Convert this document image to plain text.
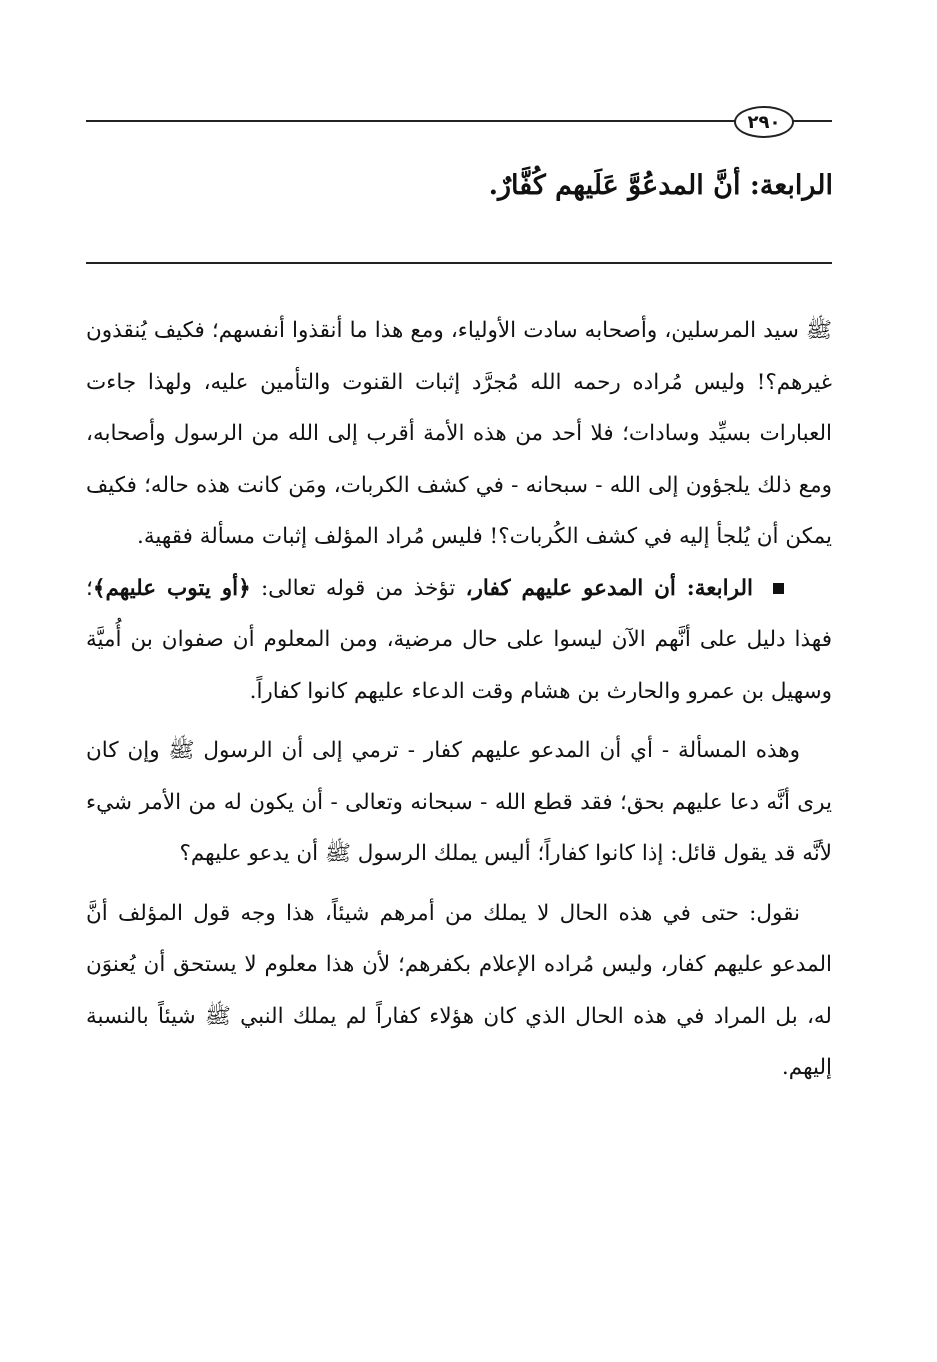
٢٩٠
الرابعة: أنَّ المدعُوَّ عَلَيهم كُفَّارٌ.

ﷺ سيد المرسلين، وأصحابه سادت الأولياء، ومع هذا ما أنقذوا أنفسهم؛ فكيف يُنقذون غيرهم؟! وليس مُراده رحمه الله مُجرَّد إثبات القنوت والتأمين عليه، ولهذا جاءت العبارات بسيِّد وسادات؛ فلا أحد من هذه الأمة أقرب إلى الله من الرسول وأصحابه، ومع ذلك يلجؤون إلى الله - سبحانه - في كشف الكربات، ومَن كانت هذه حاله؛ فكيف يمكن أن يُلجأ إليه في كشف الكُربات؟! فليس مُراد المؤلف إثبات مسألة فقهية.

الرابعة: أن المدعو عليهم كفار، تؤخذ من قوله تعالى: ﴿أو يتوب عليهم﴾؛ فهذا دليل على أنَّهم الآن ليسوا على حال مرضية، ومن المعلوم أن صفوان بن أُميَّة وسهيل بن عمرو والحارث بن هشام وقت الدعاء عليهم كانوا كفاراً.

وهذه المسألة - أي أن المدعو عليهم كفار - ترمي إلى أن الرسول ﷺ وإن كان يرى أنَّه دعا عليهم بحق؛ فقد قطع الله - سبحانه وتعالى - أن يكون له من الأمر شيء لأنَّه قد يقول قائل: إذا كانوا كفاراً؛ أليس يملك الرسول ﷺ أن يدعو عليهم؟

نقول: حتى في هذه الحال لا يملك من أمرهم شيئاً، هذا وجه قول المؤلف أنَّ المدعو عليهم كفار، وليس مُراده الإعلام بكفرهم؛ لأن هذا معلوم لا يستحق أن يُعنوَن له، بل المراد في هذه الحال الذي كان هؤلاء كفاراً لم يملك النبي ﷺ شيئاً بالنسبة إليهم.
